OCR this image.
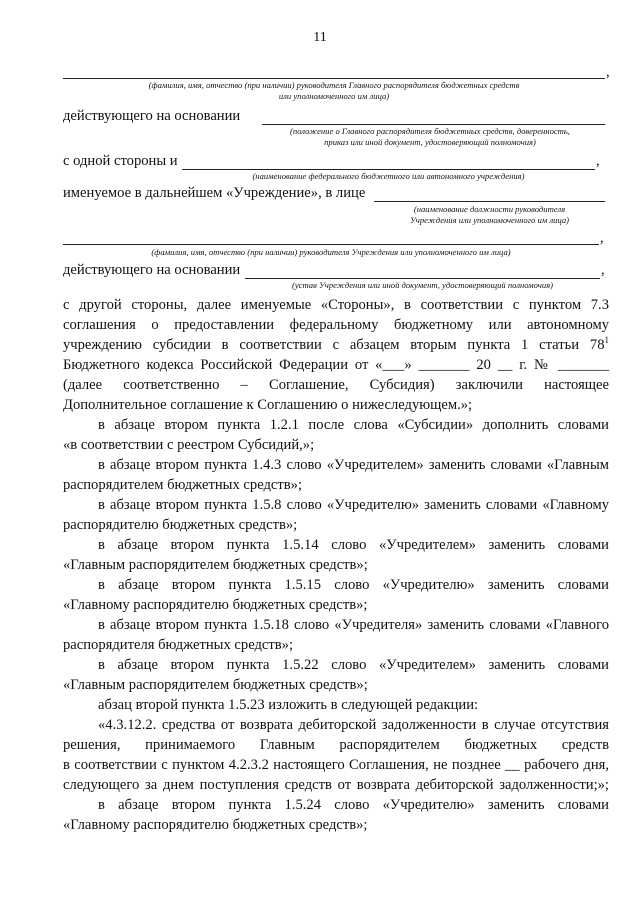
11
,
(фамилия, имя, отчество (при наличии) руководителя Главного распорядителя бюджетных средств
или уполномоченного им лица)
действующего на основании
(положение о Главного распорядителя бюджетных средств, доверенность,
приказ или иной документ, удостоверяющий полномочия)
с одной стороны и	,
(наименование федерального бюджетного или автономного учреждения)
именуемое в дальнейшем «Учреждение», в лице
(наименование должности руководителя
Учреждения или уполномоченного им лица)
,
(фамилия, имя, отчество (при наличии) руководителя Учреждения или уполномоченного им лица)
действующего на основании	,
(устав Учреждения или иной документ, удостоверяющий полномочия)
с другой стороны, далее именуемые «Стороны», в соответствии с пунктом 7.3
соглашения о предоставлении федеральному бюджетному или автономному
учреждению субсидии в соответствии с абзацем вторым пункта 1 статьи $78^1$
Бюджетного кодекса Российской Федерации от «___» _______ 20 __ г. № _______
(далее соответственно – Соглашение, Субсидия) заключили настоящее
Дополнительное соглашение к Соглашению о нижеследующем.»;
в абзаце втором пункта 1.2.1 после слова «Субсидии» дополнить словами
«в соответствии с реестром Субсидий,»;
в абзаце втором пункта 1.4.3 слово «Учредителем» заменить словами «Главным
распорядителем бюджетных средств»;
в абзаце втором пункта 1.5.8 слово «Учредителю» заменить словами «Главному
распорядителю бюджетных средств»;
в абзаце втором пункта 1.5.14 слово «Учредителем» заменить словами
«Главным распорядителем бюджетных средств»;
в абзаце втором пункта 1.5.15 слово «Учредителю» заменить словами
«Главному распорядителю бюджетных средств»;
в абзаце втором пункта 1.5.18 слово «Учредителя» заменить словами «Главного
распорядителя бюджетных средств»;
в абзаце втором пункта 1.5.22 слово «Учредителем» заменить словами
«Главным распорядителем бюджетных средств»;
абзац второй пункта 1.5.23 изложить в следующей редакции:
«4.3.12.2. средства от возврата дебиторской задолженности в случае отсутствия
решения, принимаемого Главным распорядителем бюджетных средств
в соответствии с пунктом 4.2.3.2 настоящего Соглашения, не позднее __ рабочего дня,
следующего за днем поступления средств от возврата дебиторской задолженности;»;
в абзаце втором пункта 1.5.24 слово «Учредителю» заменить словами
«Главному распорядителю бюджетных средств»;
